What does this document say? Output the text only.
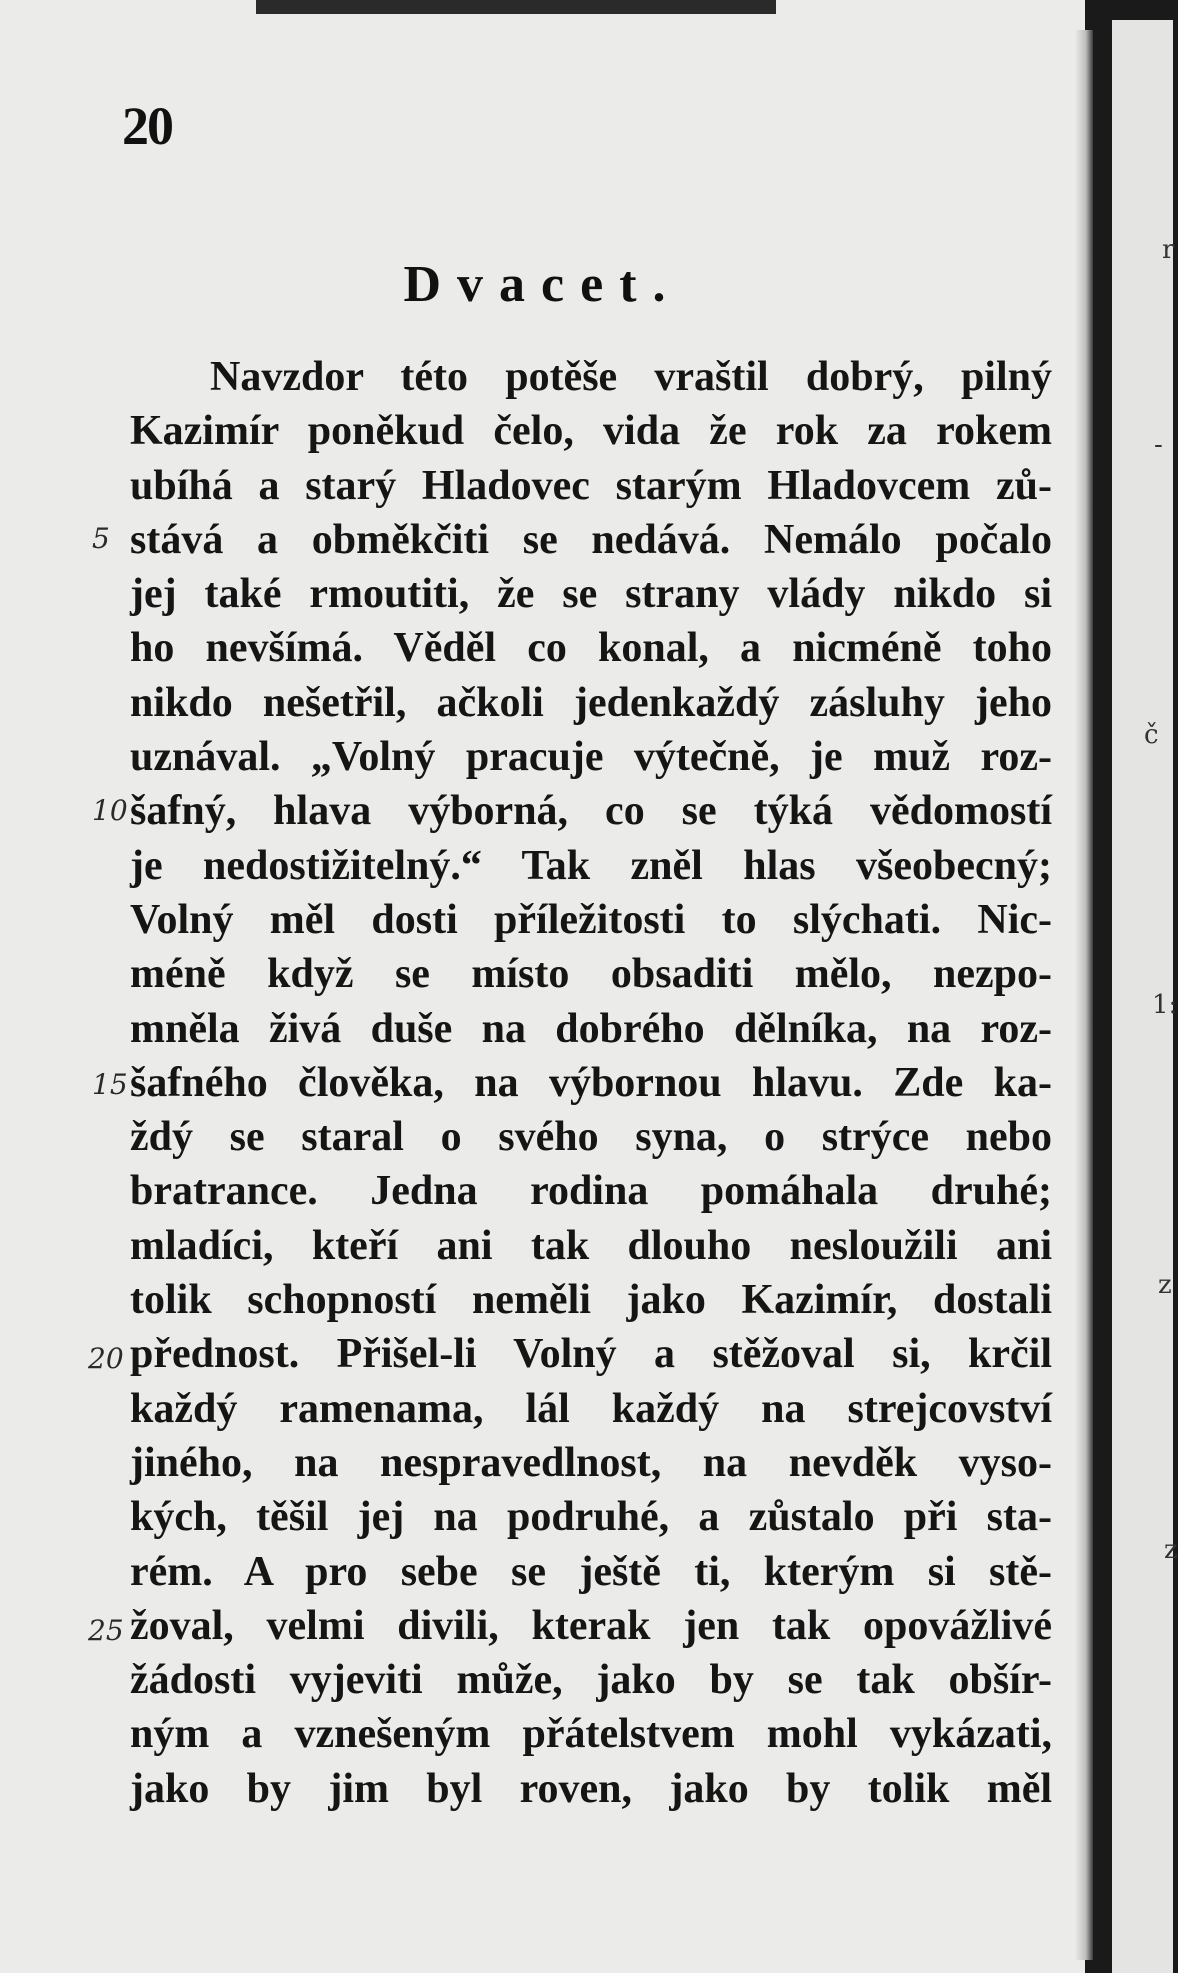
20
Dvacet.
Navzdor této potěše vraštil dobrý, pilný
Kazimír poněkud čelo, vida že rok za rokem
ubíhá a starý Hladovec starým Hladovcem zů-
stává a obměkčiti se nedává. Nemálo počalo
jej také rmoutiti, že se strany vlády nikdo si
ho nevšímá. Věděl co konal, a nicméně toho
nikdo nešetřil, ačkoli jedenkaždý zásluhy jeho
uznával. „Volný pracuje výtečně, je muž roz-
šafný, hlava výborná, co se týká vědomostí
je nedostižitelný.“ Tak zněl hlas všeobecný;
Volný měl dosti příležitosti to slýchati. Nic-
méně když se místo obsaditi mělo, nezpo-
mněla živá duše na dobrého dělníka, na roz-
šafného člověka, na výbornou hlavu. Zde ka-
ždý se staral o svého syna, o strýce nebo
bratrance. Jedna rodina pomáhala druhé;
mladíci, kteří ani tak dlouho nesloužili ani
tolik schopností neměli jako Kazimír, dostali
přednost. Přišel-li Volný a stěžoval si, krčil
každý ramenama, lál každý na strejcovství
jiného, na nespravedlnost, na nevděk vyso-
kých, těšil jej na podruhé, a zůstalo při sta-
rém. A pro sebe se ještě ti, kterým si stě-
žoval, velmi divili, kterak jen tak opovážlivé
žádosti vyjeviti může, jako by se tak obšír-
ným a vznešeným přátelstvem mohl vykázati,
jako by jim byl roven, jako by tolik měl
5
10
15
20
25
r
-
č
1:
z
z
